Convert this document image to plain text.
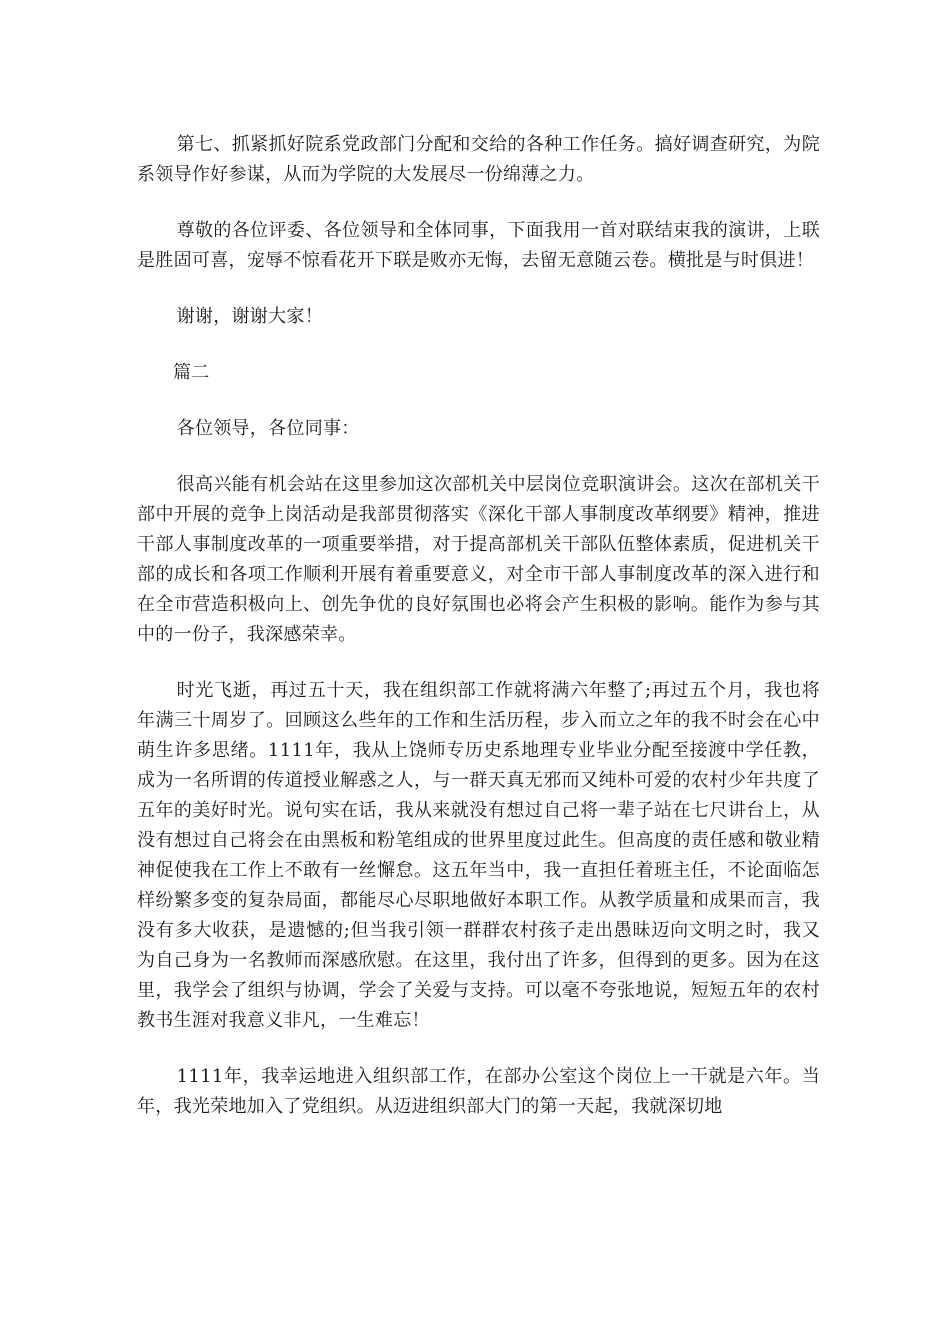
第七、抓紧抓好院系党政部门分配和交给的各种工作任务。搞好调查研究，为院系领导作好参谋，从而为学院的大发展尽一份绵薄之力。

尊敬的各位评委、各位领导和全体同事，下面我用一首对联结束我的演讲，上联是胜固可喜，宠辱不惊看花开下联是败亦无悔，去留无意随云卷。横批是与时俱进！

谢谢，谢谢大家！

篇二

各位领导，各位同事：

很高兴能有机会站在这里参加这次部机关中层岗位竞职演讲会。这次在部机关干部中开展的竞争上岗活动是我部贯彻落实《深化干部人事制度改革纲要》精神，推进干部人事制度改革的一项重要举措，对于提高部机关干部队伍整体素质，促进机关干部的成长和各项工作顺利开展有着重要意义，对全市干部人事制度改革的深入进行和在全市营造积极向上、创先争优的良好氛围也必将会产生积极的影响。能作为参与其中的一份子，我深感荣幸。

时光飞逝，再过五十天，我在组织部工作就将满六年整了;再过五个月，我也将年满三十周岁了。回顾这么些年的工作和生活历程，步入而立之年的我不时会在心中萌生许多思绪。1111年，我从上饶师专历史系地理专业毕业分配至接渡中学任教，成为一名所谓的传道授业解惑之人，与一群天真无邪而又纯朴可爱的农村少年共度了五年的美好时光。说句实在话，我从来就没有想过自己将一辈子站在七尺讲台上，从没有想过自己将会在由黑板和粉笔组成的世界里度过此生。但高度的责任感和敬业精神促使我在工作上不敢有一丝懈怠。这五年当中，我一直担任着班主任，不论面临怎样纷繁多变的复杂局面，都能尽心尽职地做好本职工作。从教学质量和成果而言，我没有多大收获，是遗憾的;但当我引领一群群农村孩子走出愚昧迈向文明之时，我又为自己身为一名教师而深感欣慰。在这里，我付出了许多，但得到的更多。因为在这里，我学会了组织与协调，学会了关爱与支持。可以毫不夸张地说，短短五年的农村教书生涯对我意义非凡，一生难忘！

1111年，我幸运地进入组织部工作，在部办公室这个岗位上一干就是六年。当年，我光荣地加入了党组织。从迈进组织部大门的第一天起，我就深切地
